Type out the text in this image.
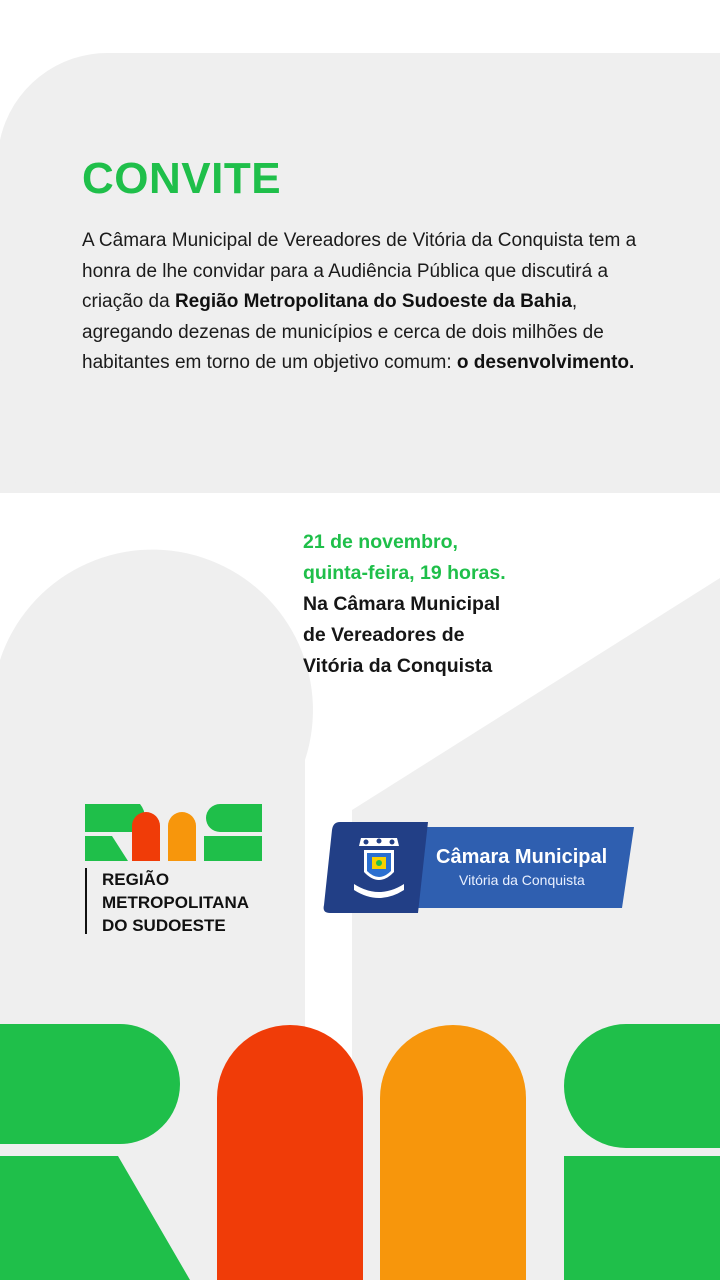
CONVITE

A Câmara Municipal de Vereadores de Vitória da Conquista tem a honra de lhe convidar para a Audiência Pública que discutirá a criação da Região Metropolitana do Sudoeste da Bahia, agregando dezenas de municípios e cerca de dois milhões de habitantes em torno de um objetivo comum: o desenvolvimento.

21 de novembro,
quinta-feira, 19 horas.
Na Câmara Municipal
de Vereadores de
Vitória da Conquista
REGIÃO
METROPOLITANA
DO SUDOESTE
Câmara Municipal
Vitória da Conquista
